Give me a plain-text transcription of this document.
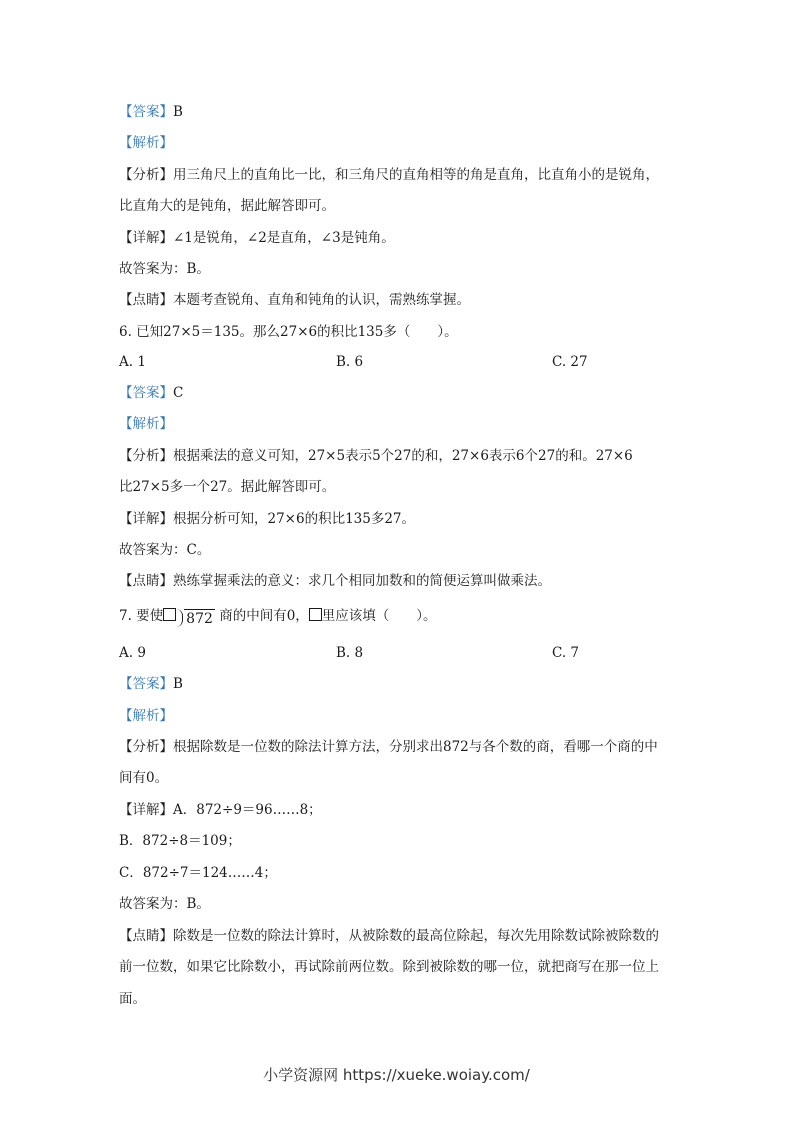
【答案】B
【解析】
【分析】用三角尺上的直角比一比，和三角尺的直角相等的角是直角，比直角小的是锐角，
比直角大的是钝角，据此解答即可。
【详解】∠1是锐角，∠2是直角，∠3是钝角。
故答案为：B。
【点睛】本题考查锐角、直角和钝角的认识，需熟练掌握。
6. 已知27×5＝135。那么27×6的积比135多（　　）。
A. 1	B. 6	C. 27
【答案】C
【解析】
【分析】根据乘法的意义可知，27×5表示5个27的和，27×6表示6个27的和。27×6
比27×5多一个27。据此解答即可。
【详解】根据分析可知，27×6的积比135多27。
故答案为：C。
【点睛】熟练掌握乘法的意义：求几个相同加数和的简便运算叫做乘法。
7. 要使 872 商的中间有0， 里应该填（　　）。
A. 9	B. 8	C. 7
【答案】B
【解析】
【分析】根据除数是一位数的除法计算方法，分别求出872与各个数的商，看哪一个商的中
间有0。
【详解】A．872÷9＝96……8；
B．872÷8＝109；
C．872÷7＝124……4；
故答案为：B。
【点睛】除数是一位数的除法计算时，从被除数的最高位除起，每次先用除数试除被除数的
前一位数，如果它比除数小，再试除前两位数。除到被除数的哪一位，就把商写在那一位上
面。
小学资源网 https://xueke.woiay.com/
